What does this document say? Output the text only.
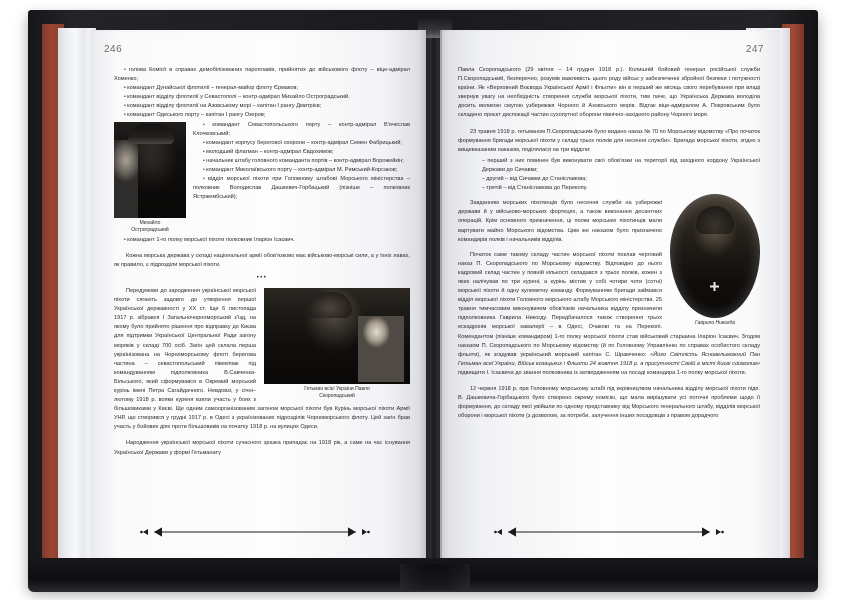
246
• голова Комісії в справах демобілізованих пароплавів, прийнятих до військового флоту – віце-адмірал Хоменко;
• командант Дунайської флотилії – генерал-майор флоту Єрмаков;
• командант відділу флотилії у Севастополі – контр-адмірал Михайло Остроградський.
• командант відділу флотилії на Азовському морі – капітан І рангу Дмитрієв;
• командант Одеського порту – капітан І рангу Озеров;
Михайло
Остроградський
• командант Севастопольського порту – контр-адмірал В'ячеслав Клочковський;
• командант корпусу берегової охорони – контр-адмірал Семен Фабрицький;
• молодший флагман – контр-адмірал Євдохимов;
• начальник штабу головного команданта портів – контр-адмірал Ворожейкін;
• командант Миколаївського порту – контр-адмірал М. Римський-Корсаков;
• відділ морської піхоти при Головному штабові Морського міністерства – полковник Володислав Дашкевич-Горбацький (пізніше – полковник Ястржембський);
• командант 1-го полку морської піхоти полковник Іларіон Ісаєвич.

Кожна морська держава у складі національної армії обов'язково має військово-морські сили, а у їхніх лавах, як правило, є підрозділи морської піхоти.

•••
Гетьман всієї України Павло
Скоропадський

Передумови до зародження української морської піхоти сягають задовго до утворення першої Української державності у ХХ ст. Іще 6 листопада 1917 р. зібрався І Загальночорноморський з'їзд, на якому було прийнято рішення про відправку до Києва для підтримки Української Центральної Ради загону моряків у складі 700 осіб. Загін цей склала перша українізована на Чорноморському флоті берегова частина – севастопольський півекіпаж під командуванням підполковника В.Савченка-Більського, який сформувався в Окремий морський курінь імені Петра Сагайдачного. Невдовзі, у січні–лютому 1918 р. вояки куреня взяли участь у боях з більшовиками у Києві. Ще одним самоорганізованим загоном морської піхоти був Курінь морської піхоти Армії УНР, що створився у грудні 1917 р. в Одесі з українізованих підрозділів Чорноморського флоту. Цей загін брав участь у бойових діях проти більшовиків на початку 1918 р. на вулицях Одеси.

Народження української морської піхоти сучасного зразка припадає на 1918 рік, а саме на час існування Української Держави у формі Гетьманату

247

Павла Скоропадського (29 квітня – 14 грудня 1918 р.). Колишній бойовий генерал російської служби П.Скоропадський, безперечно, розумів важливість цього роду військ у забезпеченні збройної безпеки і потужності країни. Як «Верховний Воєвода Української Армії і Фльоти» він в перший же місяць свого перебування при владі звернув увагу на необхідність створення служби морської піхоти, тим паче, що Українська Держава володіла досить великою смугою узбережжя Чорного й Азовського морів. Відтак віце-адміралом А. Покровським було складено проєкт диспокації частин сухопутної оборони північно-західного району Чорного моря.

23 травня 1918 р. гетьманом П.Скоропадським було видано наказ № 70 по Морському відомству «Про початок формування бригади морської піхоти у складі трьох полків для несення служби». Бригада морської піхоти, згідно з вищевказаним наказом, поділялася на три відділи:

– перший з них повинен був виконувати свої обов'язки на території від західного кордону Української Держави до Сичавки;
– другий – від Сичавки до Станіславова;
– третій – від Станіславова до Перекопу.
Гаврило Никогда

Завданням морських піхотинців було несення служби на узбережжі держави й у військово-морських фортецях, а також виконання десантних операцій. Крім основного призначення, ці полки морських піхотинців мали вартувати майно Морського відомства. Цим же наказом було призначено командирів полків і начальників відділів.

Початок саме такому складу частин морської піхоти поклав черговий наказ П. Скоропадського по Морському відомству. Відповідно до нього кадровий склад частин у повній кількості складався з трьох полків, кожен з яких налічував по три курені, а курінь містив у собі чотири чоти (сотні) морської піхоти й одну кулеметну команду. Формуванням бригади займався відділ морської піхоти Головного морського штабу Морського міністерства. 25 травня тимчасовим виконувачем обов'язків начальника відділу призначили підполковника Гаврила Никогду. Передбачалося також створення трьох ескадронів морської кавалерії – в Одесі, Очакові та на Перекопі. Комендантом (пізніше командиром) 1-го полку морської піхоти став військовий старшина Іларіон Ісаєвич. Згодом наказом П. Скоропадського по Морському відомству (й по Головному Управлінню по справах особистого складу фльоти), як згадував український морський капітан С. Шрамченко: «Його Світлість Ясновельможний Пан Гетьман всеї України, Військ козацьких і Фльоти 24 жовтня 1918 р. в присутності Своїй в місті Києві соізволив» підвищити І. Ісаєвича до звання полковника із затвердженням на посаді командира 1-го полку морської піхоти.

12 червня 1918 р. при Головному морському штабі під керівництвом начальника відділу морської піхоти підп. В. Дашкевича-Горбацького було створено окрему комісію, що мала вирішувати усі поточні проблеми щодо її формування, до складу якої увійшли по одному представнику від Морського генерального штабу, відділів морської оборони і морської піхоти (з дозволом, за потреби, залучення інших посадовців з правом дорадчого
